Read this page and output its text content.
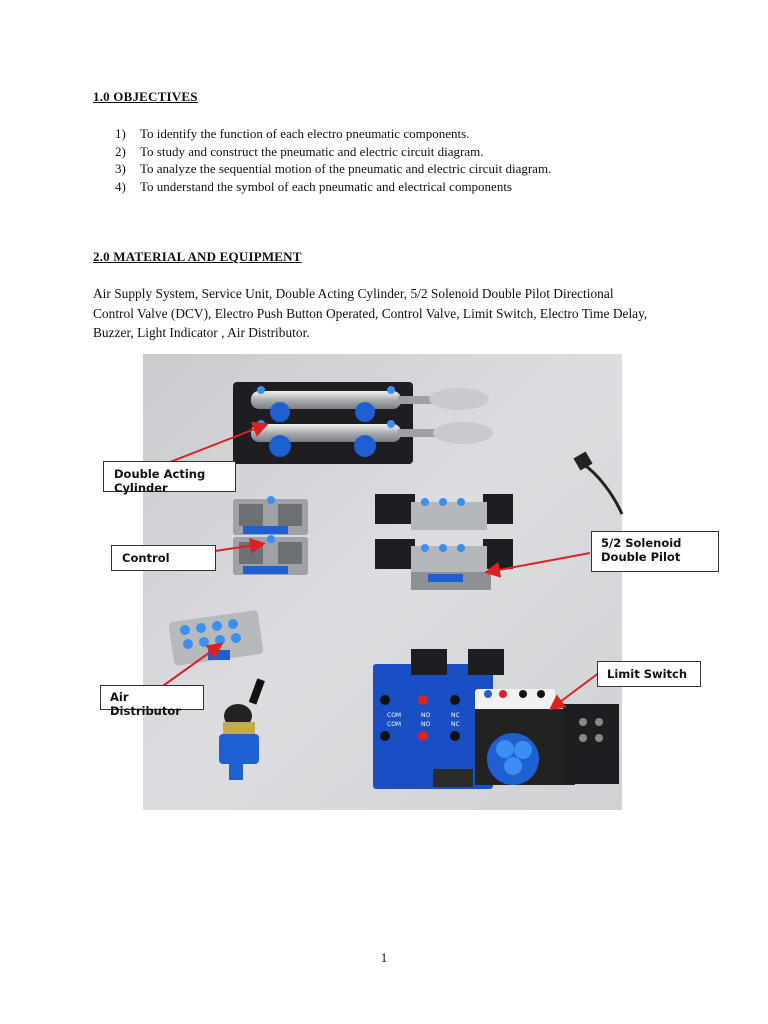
1.0 OBJECTIVES
1)	To identify the function of each electro pneumatic components.
2)	To study and construct the pneumatic and electric circuit diagram.
3)	To analyze the sequential motion of the pneumatic and electric circuit diagram.
4)	To understand the symbol of each pneumatic and electrical components
2.0 MATERIAL AND EQUIPMENT
Air Supply System, Service Unit, Double Acting Cylinder, 5/2 Solenoid Double Pilot Directional Control Valve (DCV), Electro Push Button Operated, Control Valve, Limit Switch, Electro Time Delay, Buzzer, Light Indicator , Air Distributor.
COM	NO	NC
COM	NO	NC
Double Acting Cylinder
Control
5/2 Solenoid
Double Pilot
Limit Switch
Air Distributor
1
